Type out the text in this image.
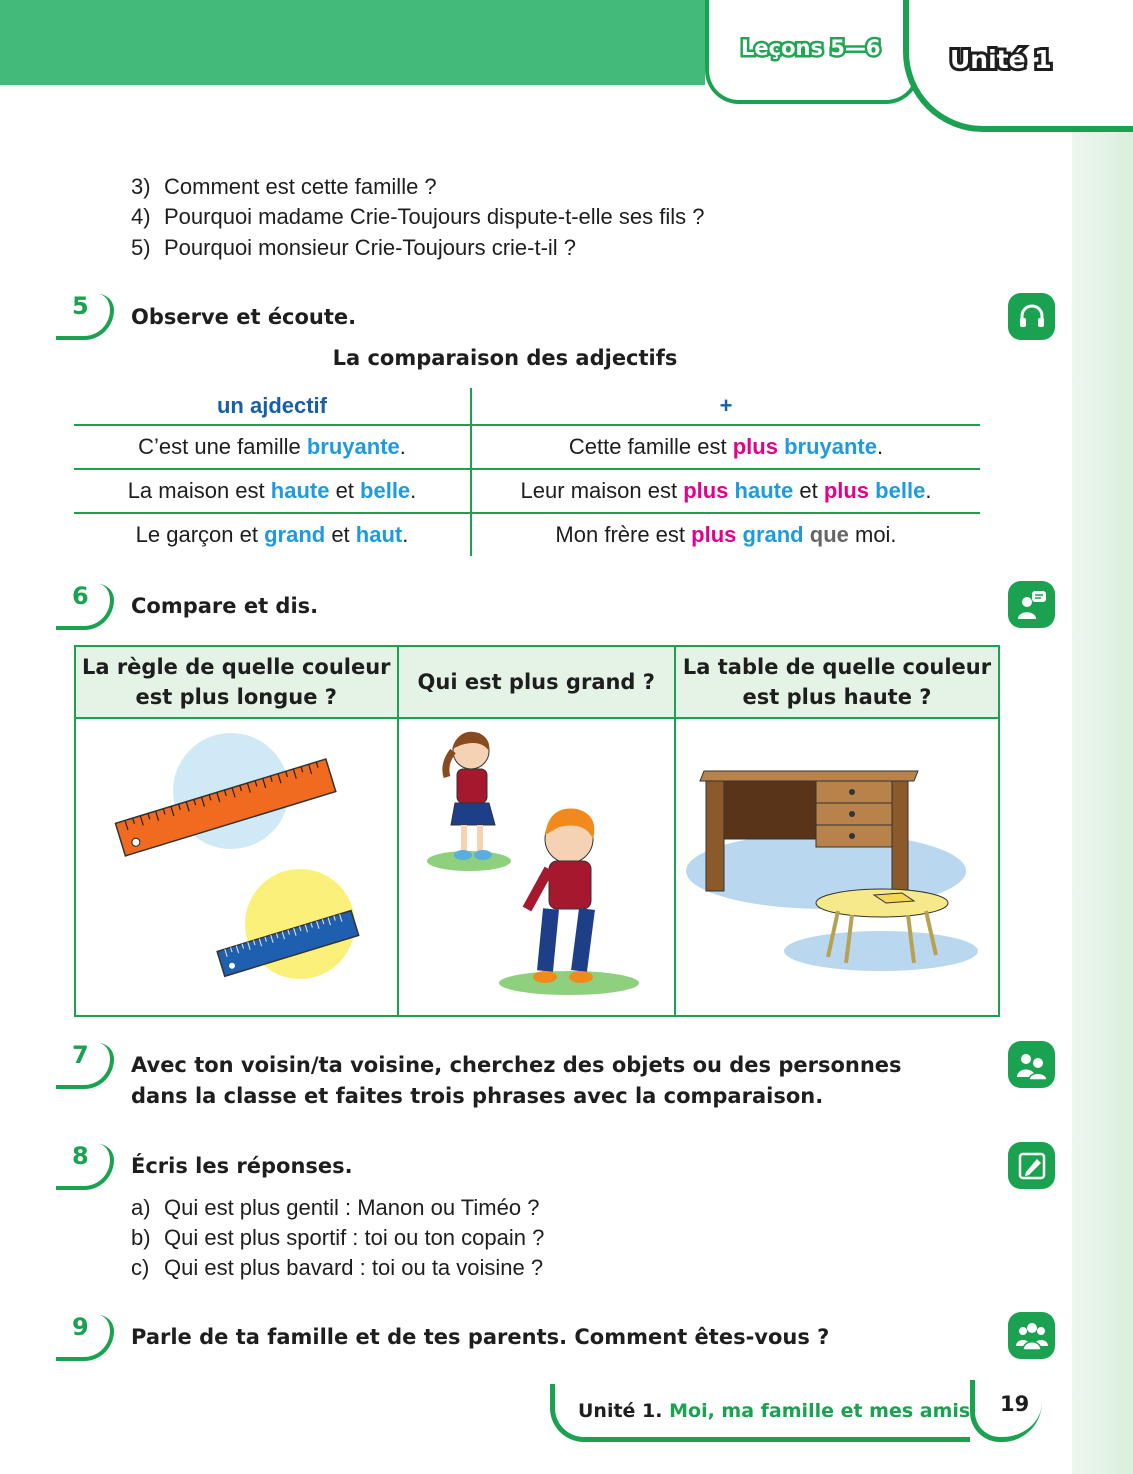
Leçons 5—6	Unité 1
3) Comment est cette famille ?
4) Pourquoi madame Crie-Toujours dispute-t-elle ses fils ?
5) Pourquoi monsieur Crie-Toujours crie-t-il ?
5 Observe et écoute.
La comparaison des adjectifs
un ajdectif	+
C’est une famille bruyante.	Cette famille est plus bruyante.
La maison est haute et belle.	Leur maison est plus haute et plus belle.
Le garçon et grand et haut.	Mon frère est plus grand que moi.
6 Compare et dis.
La règle de quelle couleur est plus longue ?	Qui est plus grand ?	La table de quelle couleur est plus haute ?

7 Avec ton voisin/ta voisine, cherchez des objets ou des personnes
dans la classe et faites trois phrases avec la comparaison.
8 Écris les réponses.
a) Qui est plus gentil : Manon ou Timéo ?
b) Qui est plus sportif : toi ou ton copain ?
c) Qui est plus bavard : toi ou ta voisine ?
9 Parle de ta famille et de tes parents. Comment êtes-vous ?
Unité 1. Moi, ma famille et mes amis 19
